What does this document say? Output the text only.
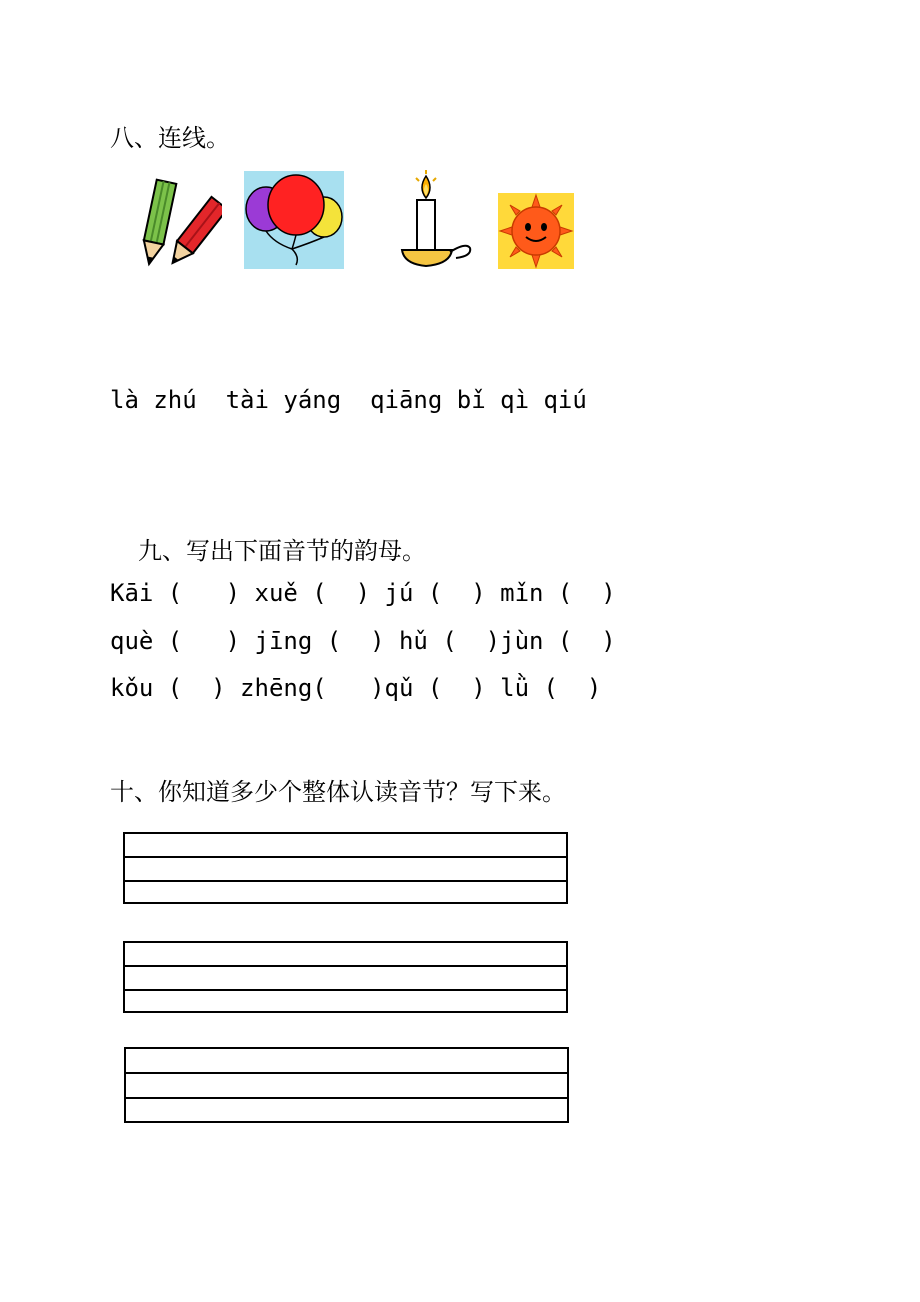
八、连线。
là zhú  tài yáng  qiāng bǐ qì qiú
九、写出下面音节的韵母。
Kāi (   ) xuě (  ) jú (  ) mǐn (  )
què (   ) jīng (  ) hǔ (  )jùn (  )
kǒu (  ) zhēng(   )qǔ (  ) lǜ (  )
十、你知道多少个整体认读音节？写下来。
